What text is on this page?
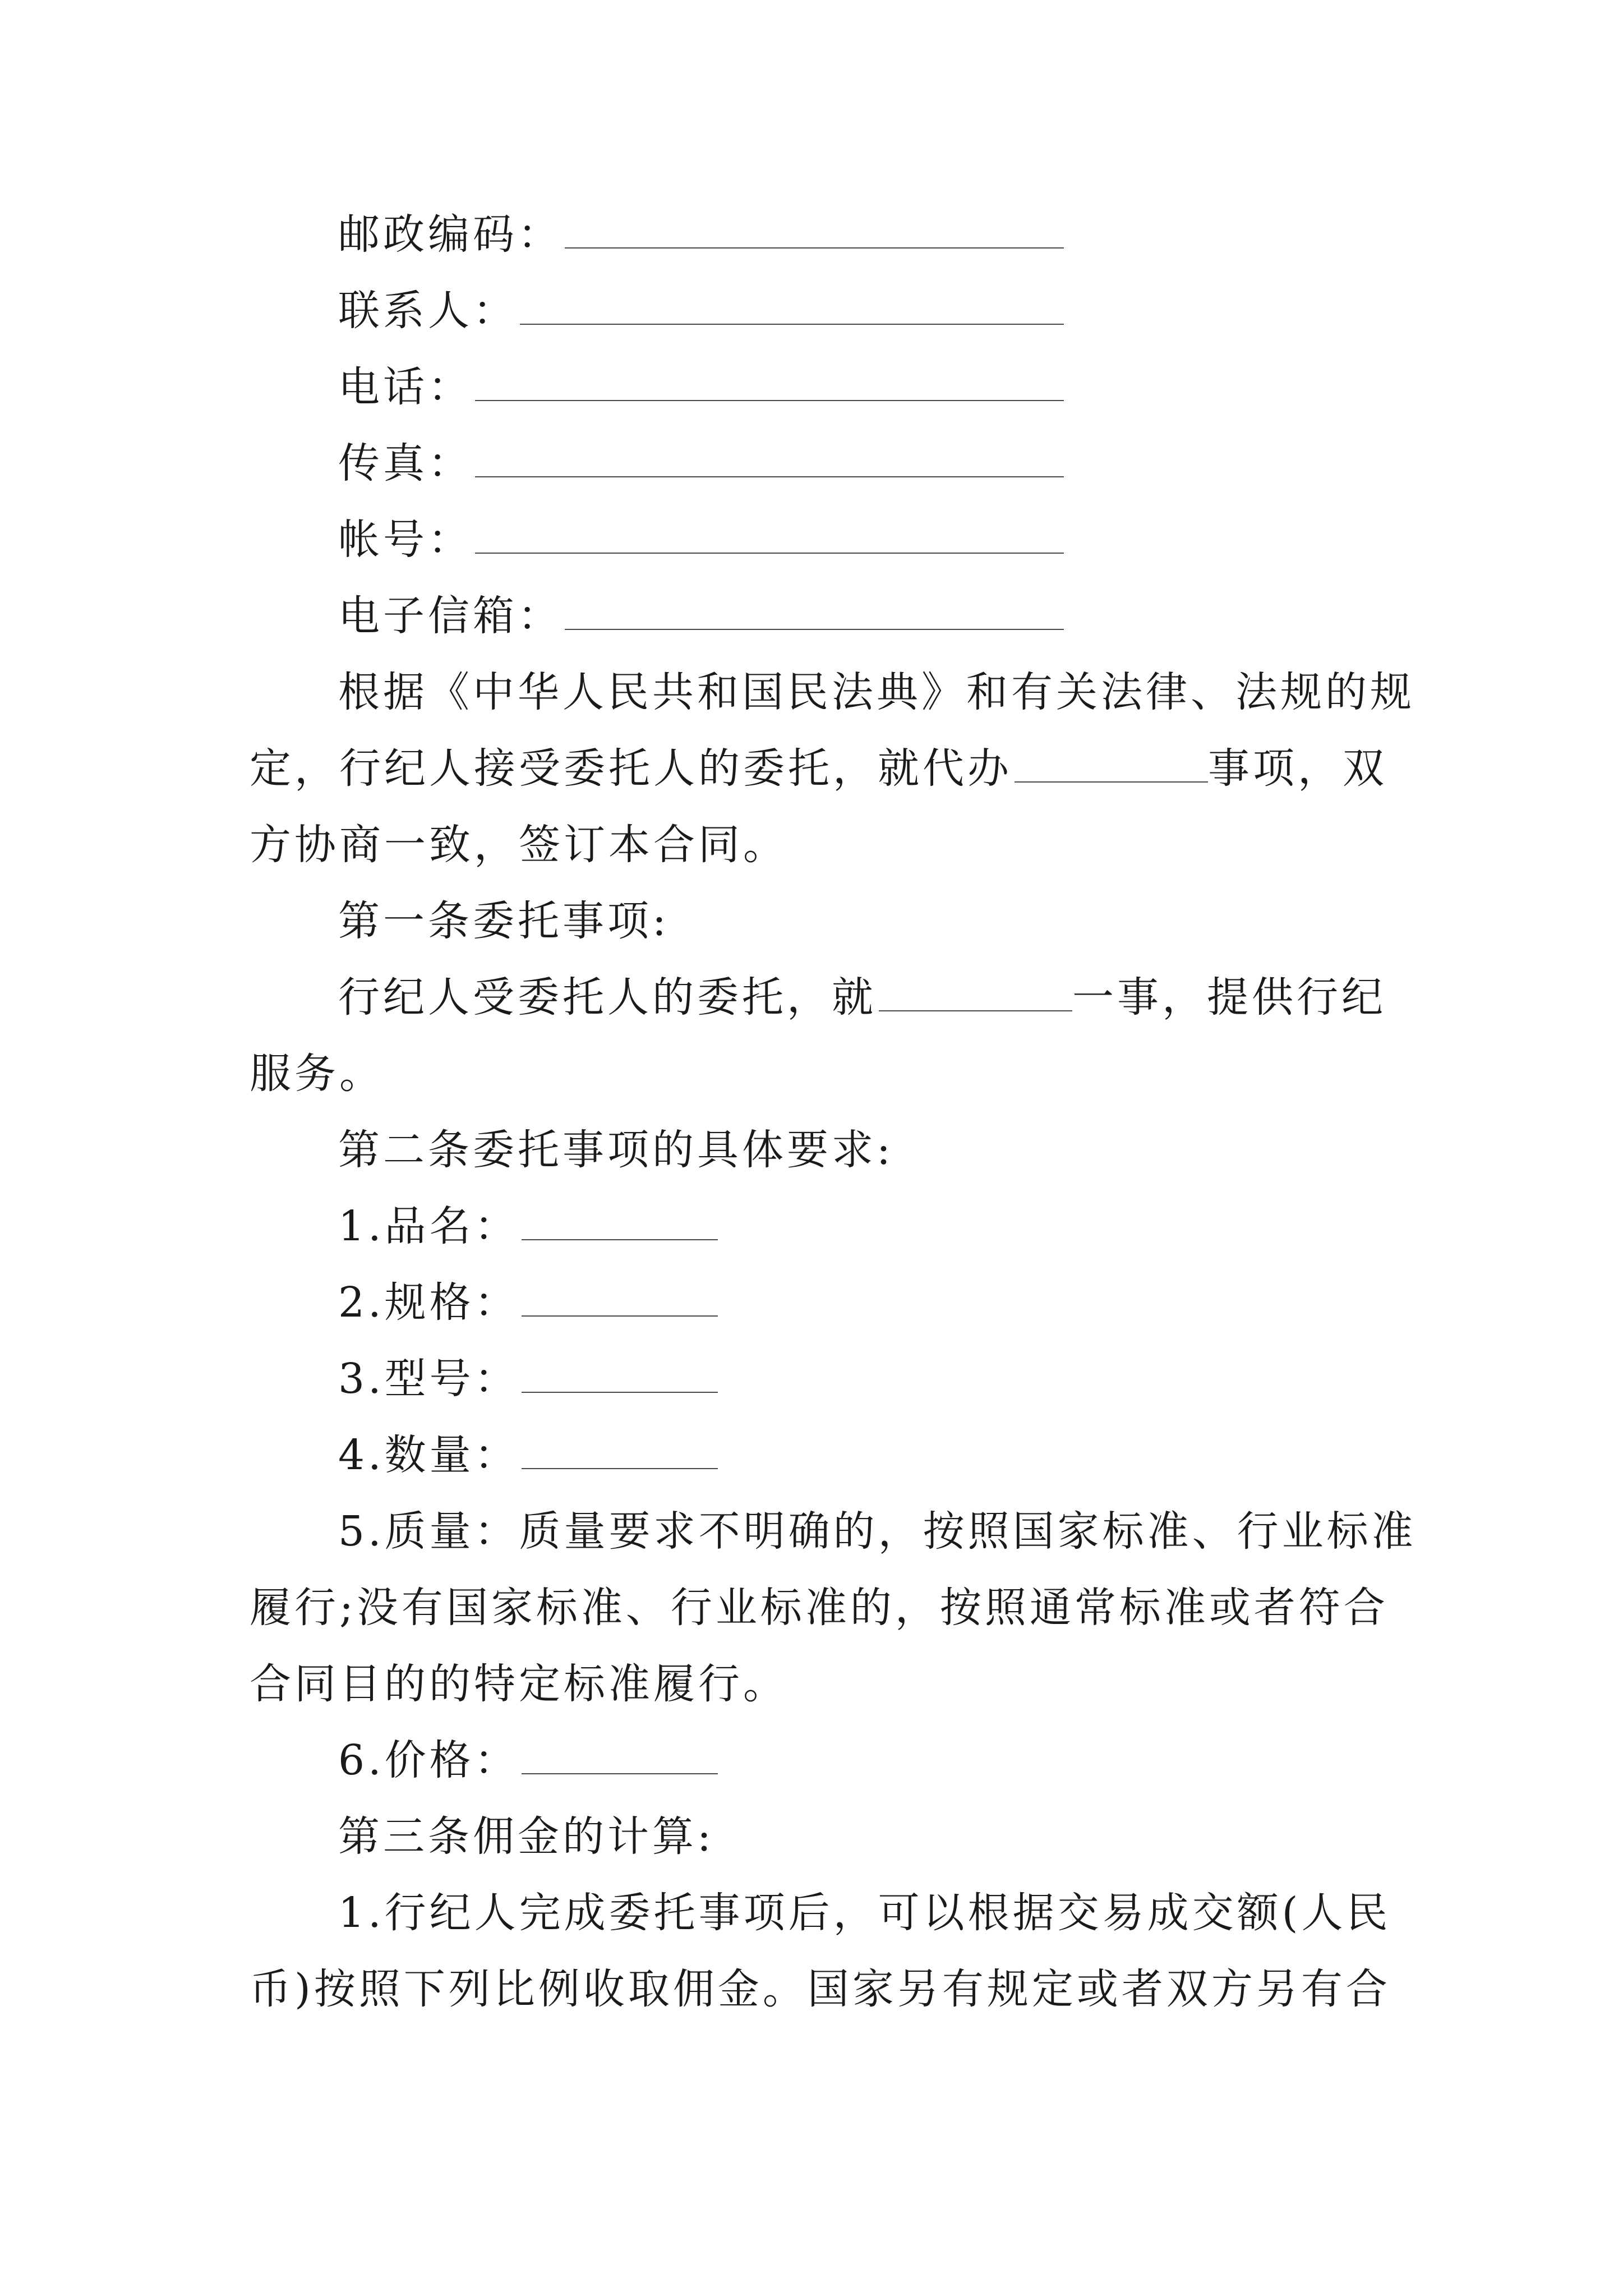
邮政编码：
联系人：
电话：
传真：
帐号：
电子信箱：
根据《中华人民共和国民法典》和有关法律、法规的规
定，行纪人接受委托人的委托，就代办	事项，双
方协商一致，签订本合同。
第一条委托事项:
行纪人受委托人的委托，就	一事，提供行纪
服务。
第二条委托事项的具体要求:
1.品名：
2.规格：
3.型号：
4.数量：
5.质量：质量要求不明确的，按照国家标准、行业标准
履行;没有国家标准、行业标准的，按照通常标准或者符合
合同目的的特定标准履行。
6.价格：
第三条佣金的计算:
1.行纪人完成委托事项后，可以根据交易成交额(人民
币)按照下列比例收取佣金。国家另有规定或者双方另有合
